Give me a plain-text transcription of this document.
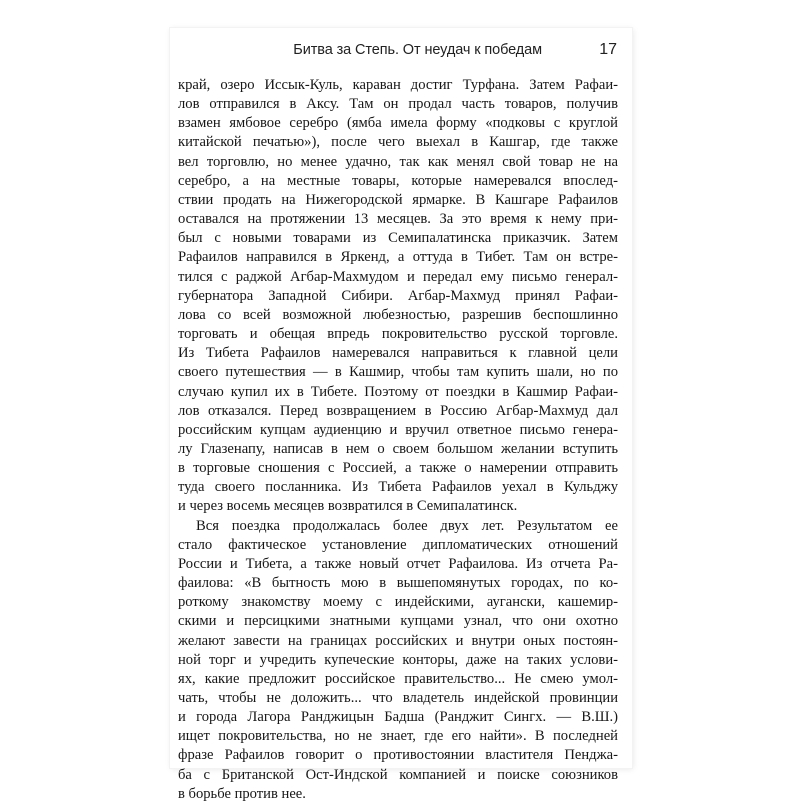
Битва за Степь. От неудач к победам	17
край, озеро Иссык-Куль, караван достиг Турфана. Затем Рафаи-
лов отправился в Аксу. Там он продал часть товаров, получив
взамен ямбовое серебро (ямба имела форму «подковы с круглой
китайской печатью»), после чего выехал в Кашгар, где также
вел торговлю, но менее удачно, так как менял свой товар не на
серебро, а на местные товары, которые намеревался впослед-
ствии продать на Нижегородской ярмарке. В Кашгаре Рафаилов
оставался на протяжении 13 месяцев. За это время к нему при-
был с новыми товарами из Семипалатинска приказчик. Затем
Рафаилов направился в Яркенд, а оттуда в Тибет. Там он встре-
тился с раджой Агбар-Махмудом и передал ему письмо генерал-
губернатора Западной Сибири. Агбар-Махмуд принял Рафаи-
лова со всей возможной любезностью, разрешив беспошлинно
торговать и обещая впредь покровительство русской торговле.
Из Тибета Рафаилов намеревался направиться к главной цели
своего путешествия — в Кашмир, чтобы там купить шали, но по
случаю купил их в Тибете. Поэтому от поездки в Кашмир Рафаи-
лов отказался. Перед возвращением в Россию Агбар-Махмуд дал
российским купцам аудиенцию и вручил ответное письмо генера-
лу Глазенапу, написав в нем о своем большом желании вступить
в торговые сношения с Россией, а также о намерении отправить
туда своего посланника. Из Тибета Рафаилов уехал в Кульджу
и через восемь месяцев возвратился в Семипалатинск.
Вся поездка продолжалась более двух лет. Результатом ее
стало фактическое установление дипломатических отношений
России и Тибета, а также новый отчет Рафаилова. Из отчета Ра-
фаилова: «В бытность мою в вышепомянутых городах, по ко-
роткому знакомству моему с индейскими, аугански, кашемир-
скими и персицкими знатными купцами узнал, что они охотно
желают завести на границах российских и внутри оных постоян-
ной торг и учредить купеческие конторы, даже на таких услови-
ях, какие предложит российское правительство... Не смею умол-
чать, чтобы не доложить... что владетель индейской провинции
и города Лагора Ранджицын Бадша (Ранджит Сингх. — В.Ш.)
ищет покровительства, но не знает, где его найти». В последней
фразе Рафаилов говорит о противостоянии властителя Пенджа-
ба с Британской Ост-Индской компанией и поиске союзников
в борьбе против нее.
